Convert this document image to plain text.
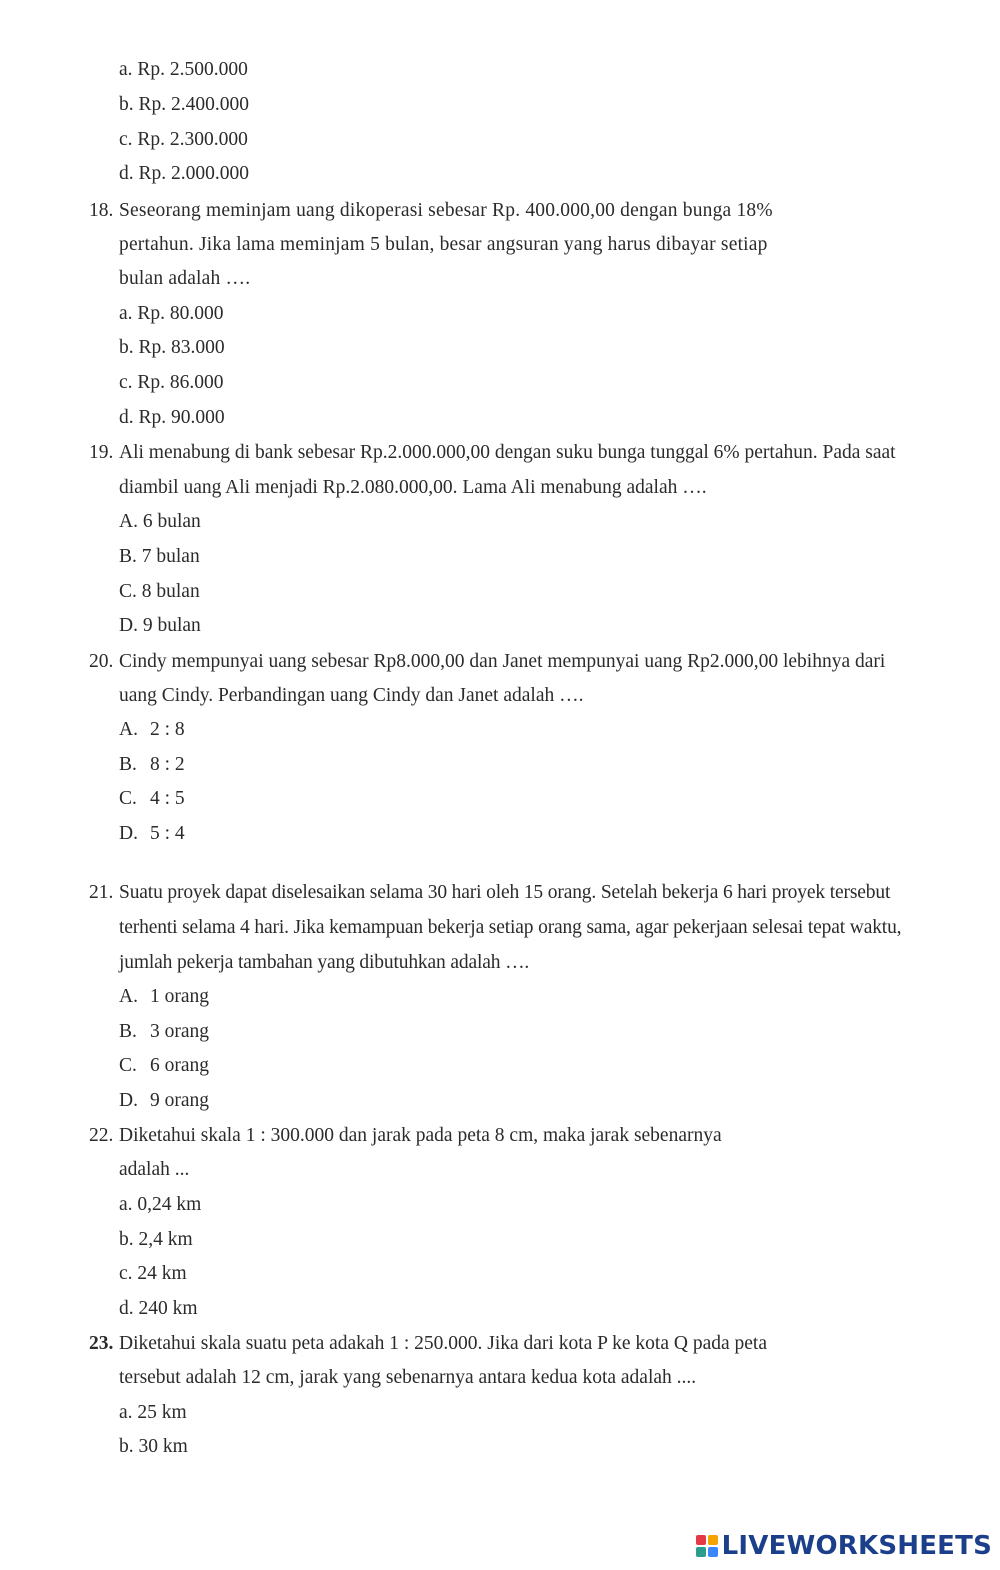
a. Rp. 2.500.000
b. Rp. 2.400.000
c. Rp. 2.300.000
d. Rp. 2.000.000
18. Seseorang meminjam uang dikoperasi sebesar Rp. 400.000,00 dengan bunga 18%
pertahun. Jika lama meminjam 5 bulan, besar angsuran yang harus dibayar setiap
bulan adalah ….
a. Rp. 80.000
b. Rp. 83.000
c. Rp. 86.000
d. Rp. 90.000
19. Ali menabung di bank sebesar Rp.2.000.000,00 dengan suku bunga tunggal 6% pertahun. Pada saat
diambil uang Ali menjadi Rp.2.080.000,00. Lama Ali menabung adalah ….
A. 6 bulan
B. 7 bulan
C. 8 bulan
D. 9 bulan
20. Cindy mempunyai uang sebesar Rp8.000,00 dan Janet mempunyai uang Rp2.000,00 lebihnya dari
uang Cindy. Perbandingan uang Cindy dan Janet adalah ….
A. 2 : 8
B. 8 : 2
C. 4 : 5
D. 5 : 4
21. Suatu proyek dapat diselesaikan selama 30 hari oleh 15 orang. Setelah bekerja 6 hari proyek tersebut
terhenti selama 4 hari. Jika kemampuan bekerja setiap orang sama, agar pekerjaan selesai tepat waktu,
jumlah pekerja tambahan yang dibutuhkan adalah ….
A. 1 orang
B. 3 orang
C. 6 orang
D. 9 orang
22. Diketahui skala 1 : 300.000 dan jarak pada peta 8 cm, maka jarak sebenarnya
adalah ...
a. 0,24 km
b. 2,4 km
c. 24 km
d. 240 km
23. Diketahui skala suatu peta adakah 1 : 250.000. Jika dari kota P ke kota Q pada peta
tersebut adalah 12 cm, jarak yang sebenarnya antara kedua kota adalah ....
a. 25 km
b. 30 km
LIVEWORKSHEETS
